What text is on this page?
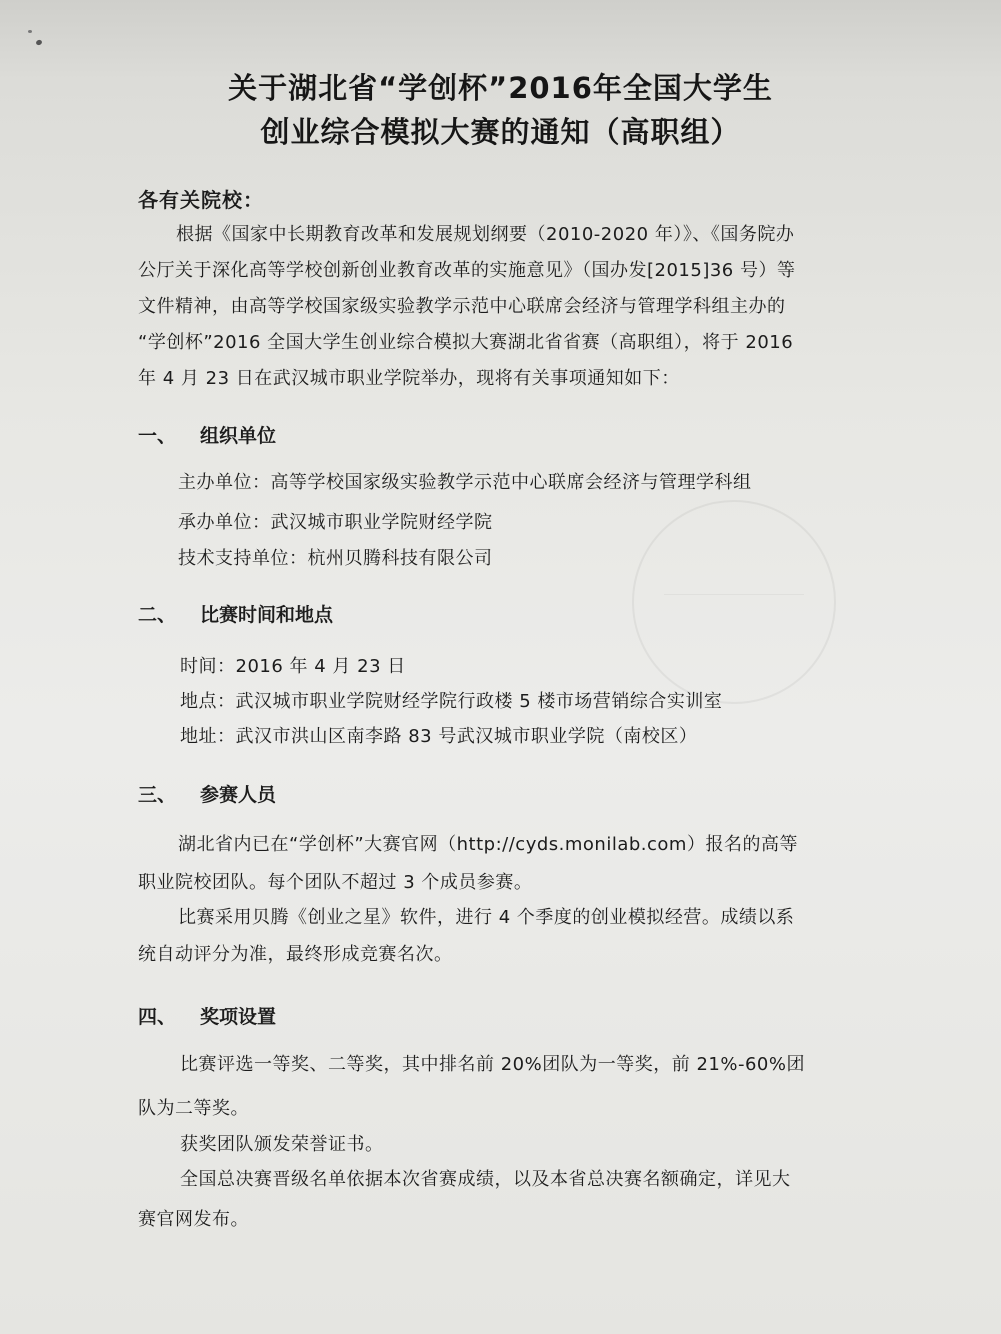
关于湖北省“学创杯”2016年全国大学生
创业综合模拟大赛的通知（高职组）
各有关院校：
根据《国家中长期教育改革和发展规划纲要（2010-2020 年）》、《国务院办
公厅关于深化高等学校创新创业教育改革的实施意见》（国办发[2015]36 号）等
文件精神，由高等学校国家级实验教学示范中心联席会经济与管理学科组主办的
“学创杯”2016 全国大学生创业综合模拟大赛湖北省省赛（高职组），将于 2016
年 4 月 23 日在武汉城市职业学院举办，现将有关事项通知如下：
一、 组织单位
主办单位：高等学校国家级实验教学示范中心联席会经济与管理学科组
承办单位：武汉城市职业学院财经学院
技术支持单位：杭州贝腾科技有限公司
二、 比赛时间和地点
时间：2016 年 4 月 23 日
地点：武汉城市职业学院财经学院行政楼 5 楼市场营销综合实训室
地址：武汉市洪山区南李路 83 号武汉城市职业学院（南校区）
三、 参赛人员
湖北省内已在“学创杯”大赛官网（http://cyds.monilab.com）报名的高等
职业院校团队。每个团队不超过 3 个成员参赛。
比赛采用贝腾《创业之星》软件，进行 4 个季度的创业模拟经营。成绩以系
统自动评分为准，最终形成竞赛名次。
四、 奖项设置
比赛评选一等奖、二等奖，其中排名前 20%团队为一等奖，前 21%-60%团
队为二等奖。
获奖团队颁发荣誉证书。
全国总决赛晋级名单依据本次省赛成绩，以及本省总决赛名额确定，详见大
赛官网发布。
